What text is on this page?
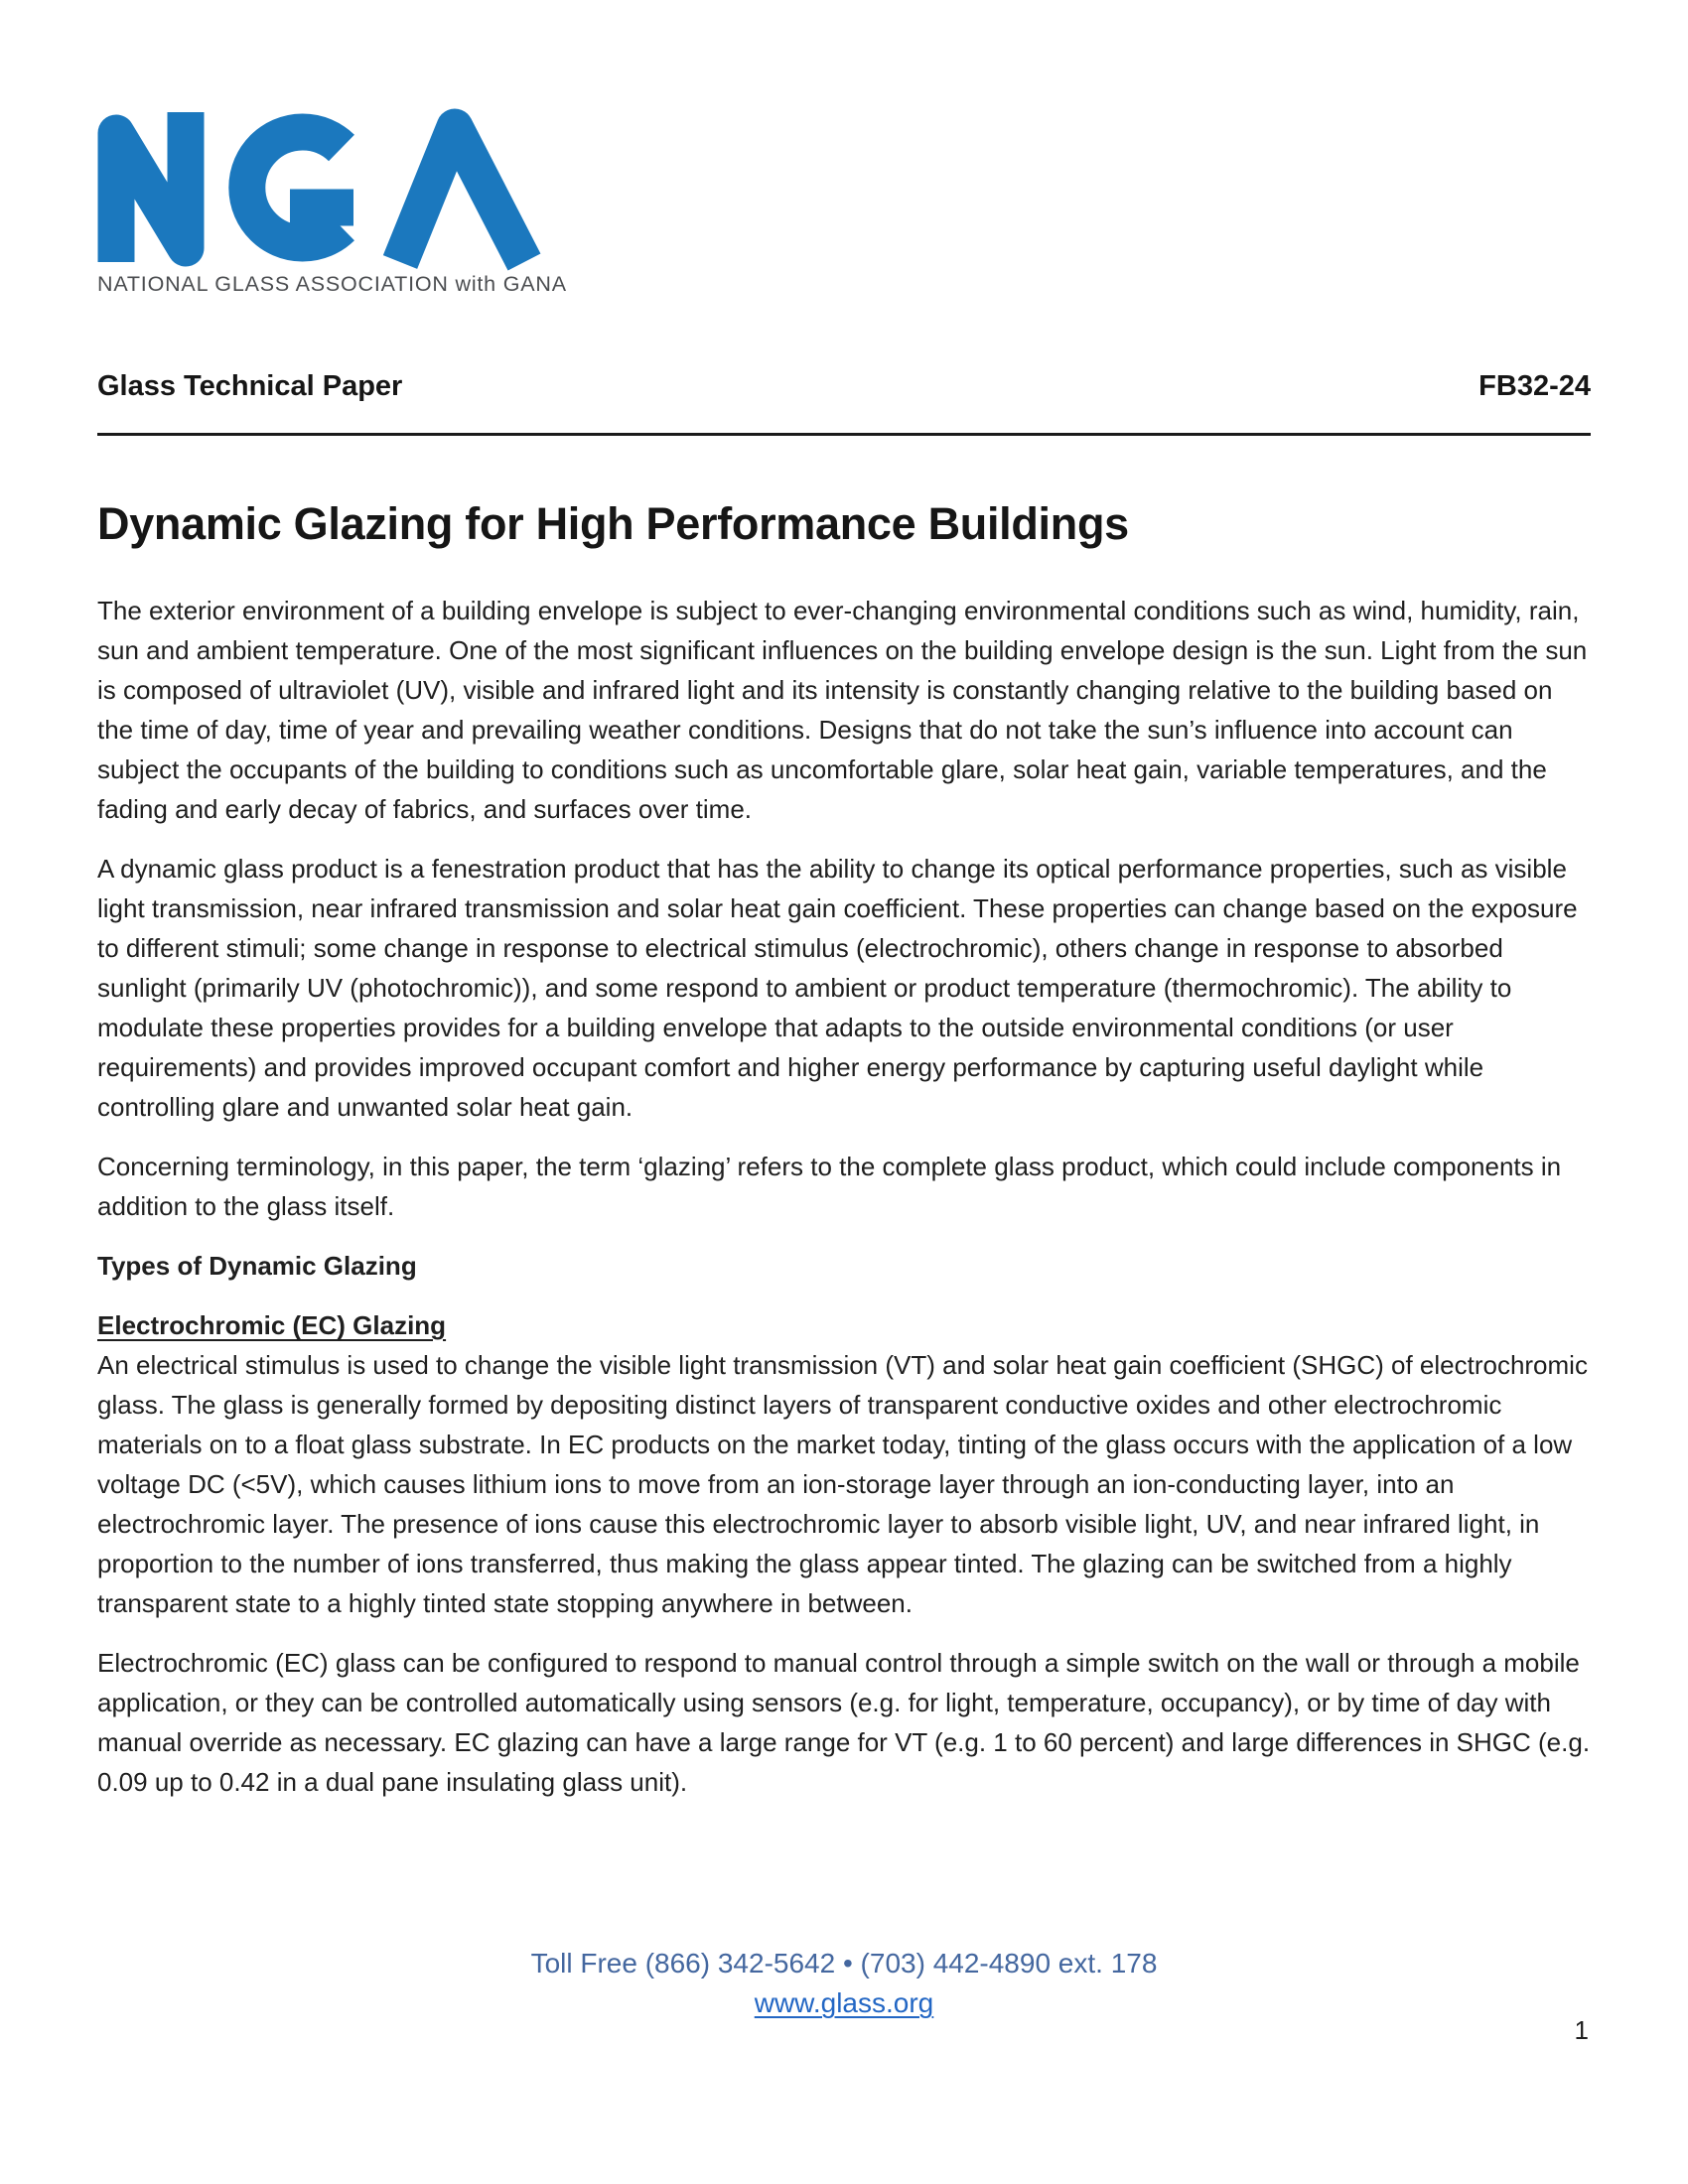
NATIONAL GLASS ASSOCIATION with GANA
Glass Technical Paper	FB32-24
Dynamic Glazing for High Performance Buildings

The exterior environment of a building envelope is subject to ever-changing environmental conditions such as wind, humidity, rain, sun and ambient temperature. One of the most significant influences on the building envelope design is the sun. Light from the sun is composed of ultraviolet (UV), visible and infrared light and its intensity is constantly changing relative to the building based on the time of day, time of year and prevailing weather conditions. Designs that do not take the sun’s influence into account can subject the occupants of the building to conditions such as uncomfortable glare, solar heat gain, variable temperatures, and the fading and early decay of fabrics, and surfaces over time.

A dynamic glass product is a fenestration product that has the ability to change its optical performance properties, such as visible light transmission, near infrared transmission and solar heat gain coefficient. These properties can change based on the exposure to different stimuli; some change in response to electrical stimulus (electrochromic), others change in response to absorbed sunlight (primarily UV (photochromic)), and some respond to ambient or product temperature (thermochromic). The ability to modulate these properties provides for a building envelope that adapts to the outside environmental conditions (or user requirements) and provides improved occupant comfort and higher energy performance by capturing useful daylight while controlling glare and unwanted solar heat gain.

Concerning terminology, in this paper, the term ‘glazing’ refers to the complete glass product, which could include components in addition to the glass itself.

Types of Dynamic Glazing
Electrochromic (EC) Glazing

An electrical stimulus is used to change the visible light transmission (VT) and solar heat gain coefficient (SHGC) of electrochromic glass. The glass is generally formed by depositing distinct layers of transparent conductive oxides and other electrochromic materials on to a float glass substrate. In EC products on the market today, tinting of the glass occurs with the application of a low voltage DC (<5V), which causes lithium ions to move from an ion-storage layer through an ion-conducting layer, into an electrochromic layer. The presence of ions cause this electrochromic layer to absorb visible light, UV, and near infrared light, in proportion to the number of ions transferred, thus making the glass appear tinted. The glazing can be switched from a highly transparent state to a highly tinted state stopping anywhere in between.

Electrochromic (EC) glass can be configured to respond to manual control through a simple switch on the wall or through a mobile application, or they can be controlled automatically using sensors (e.g. for light, temperature, occupancy), or by time of day with manual override as necessary. EC glazing can have a large range for VT (e.g. 1 to 60 percent) and large differences in SHGC (e.g. 0.09 up to 0.42 in a dual pane insulating glass unit).

Toll Free (866) 342-5642 • (703) 442-4890 ext. 178
www.glass.org
1
